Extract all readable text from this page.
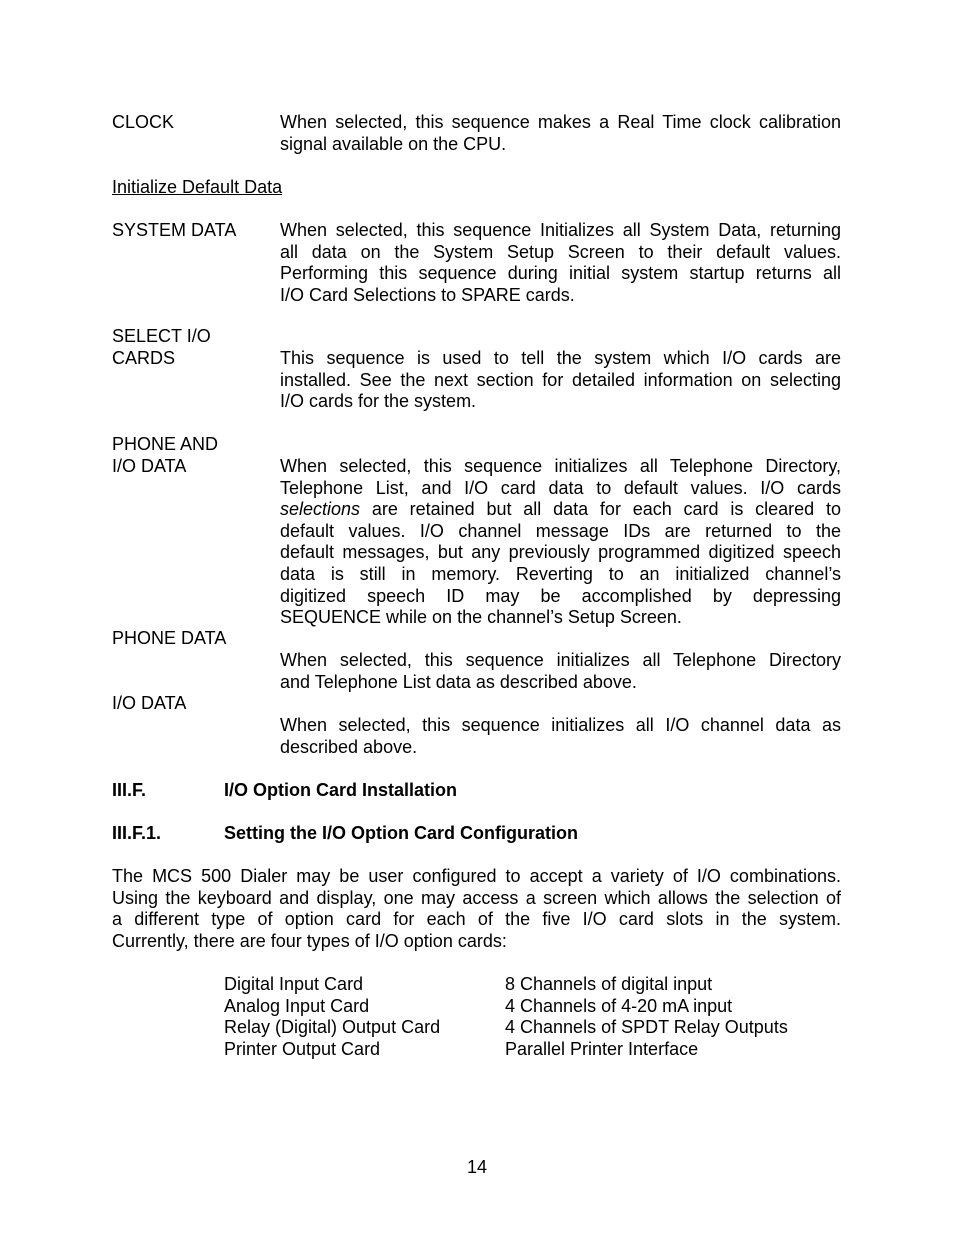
CLOCK	When selected, this sequence makes a Real Time clock calibration
signal available on the CPU.
Initialize Default Data
SYSTEM DATA When selected, this sequence Initializes all System Data, returning
all data on the System Setup Screen to their default values.
Performing this sequence during initial system startup returns all
I/O Card Selections to SPARE cards.
SELECT I/O
CARDS	This sequence is used to tell the system which I/O cards are
installed. See the next section for detailed information on selecting
I/O cards for the system.
PHONE AND
I/O DATA	When selected, this sequence initializes all Telephone Directory,
Telephone List, and I/O card data to default values. I/O cards
selections are retained but all data for each card is cleared to
default values. I/O channel message IDs are returned to the
default messages, but any previously programmed digitized speech
data is still in memory. Reverting to an initialized channel’s
digitized speech ID may be accomplished by depressing
SEQUENCE while on the channel’s Setup Screen.
PHONE DATA
When selected, this sequence initializes all Telephone Directory
and Telephone List data as described above.
I/O DATA
When selected, this sequence initializes all I/O channel data as
described above.
III.F.	I/O Option Card Installation
III.F.1.	Setting the I/O Option Card Configuration
The MCS 500 Dialer may be user configured to accept a variety of I/O combinations.
Using the keyboard and display, one may access a screen which allows the selection of
a different type of option card for each of the five I/O card slots in the system.
Currently, there are four types of I/O option cards:
Digital Input Card	8 Channels of digital input
Analog Input Card	4 Channels of 4-20 mA input
Relay (Digital) Output Card	4 Channels of SPDT Relay Outputs
Printer Output Card	Parallel Printer Interface
14
